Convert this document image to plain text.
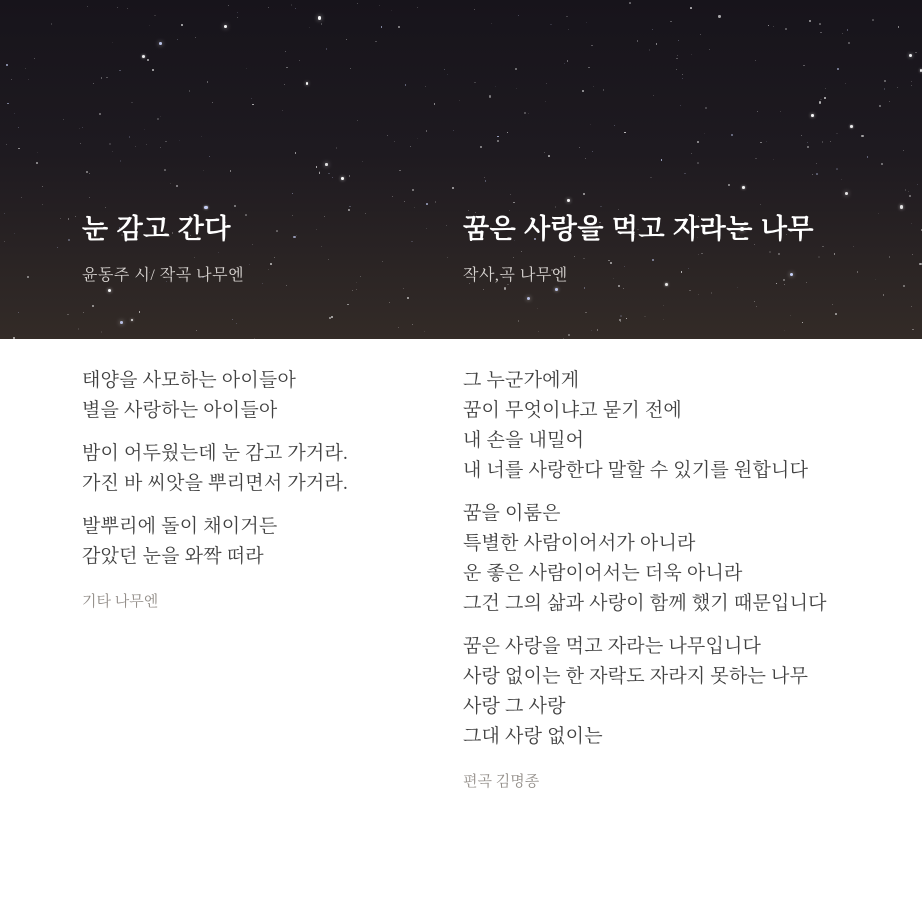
눈 감고 간다
윤동주 시/ 작곡 나무엔
꿈은 사랑을 먹고 자라는 나무
작사,곡 나무엔
태양을 사모하는 아이들아
별을 사랑하는 아이들아
밤이 어두웠는데 눈 감고 가거라.
가진 바 씨앗을 뿌리면서 가거라.
발뿌리에 돌이 채이거든
감았던 눈을 와짝 떠라
기타 나무엔
그 누군가에게
꿈이 무엇이냐고 묻기 전에
내 손을 내밀어
내 너를 사랑한다 말할 수 있기를 원합니다
꿈을 이룸은
특별한 사람이어서가 아니라
운 좋은 사람이어서는 더욱 아니라
그건 그의 삶과 사랑이 함께 했기 때문입니다
꿈은 사랑을 먹고 자라는 나무입니다
사랑 없이는 한 자락도 자라지 못하는 나무
사랑 그 사랑
그대 사랑 없이는
편곡 김명종
